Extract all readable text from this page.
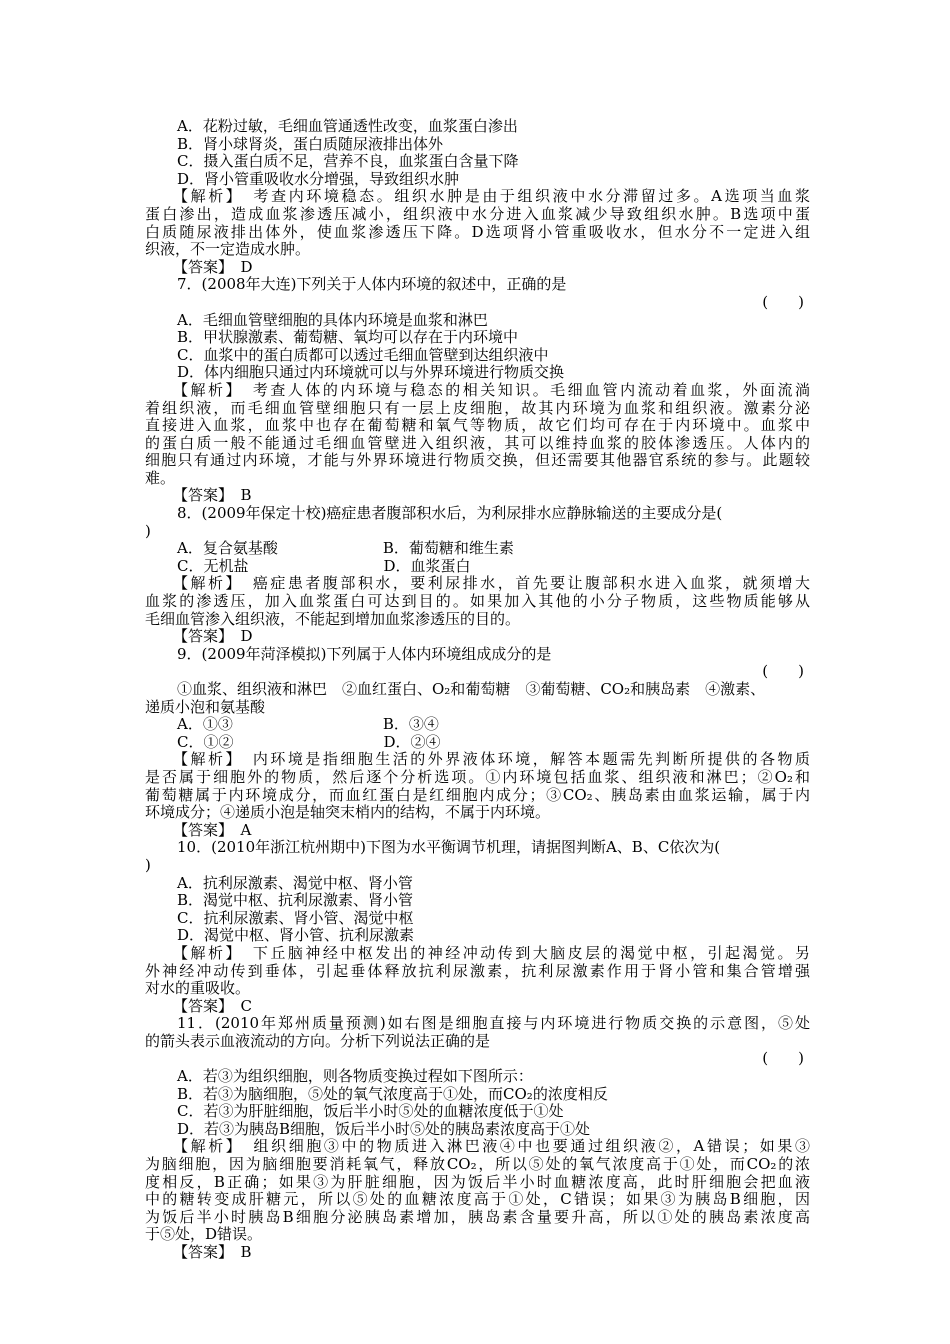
A．花粉过敏，毛细血管通透性改变，血浆蛋白渗出
B．肾小球肾炎，蛋白质随尿液排出体外
C．摄入蛋白质不足，营养不良，血浆蛋白含量下降
D．肾小管重吸收水分增强，导致组织水肿
【解析】　考查内环境稳态。组织水肿是由于组织液中水分滞留过多。A选项当血浆
蛋白渗出，造成血浆渗透压减小，组织液中水分进入血浆减少导致组织水肿。B选项中蛋
白质随尿液排出体外，使血浆渗透压下降。D选项肾小管重吸收水，但水分不一定进入组
织液，不一定造成水肿。
【答案】　D
7．(2008年大连)下列关于人体内环境的叙述中，正确的是
(　　)
A．毛细血管壁细胞的具体内环境是血浆和淋巴
B．甲状腺激素、葡萄糖、氧均可以存在于内环境中
C．血浆中的蛋白质都可以透过毛细血管壁到达组织液中
D．体内细胞只通过内环境就可以与外界环境进行物质交换
【解析】　考查人体的内环境与稳态的相关知识。毛细血管内流动着血浆，外面流淌
着组织液，而毛细血管壁细胞只有一层上皮细胞，故其内环境为血浆和组织液。激素分泌
直接进入血浆，血浆中也存在葡萄糖和氧气等物质，故它们均可存在于内环境中。血浆中
的蛋白质一般不能通过毛细血管壁进入组织液，其可以维持血浆的胶体渗透压。人体内的
细胞只有通过内环境，才能与外界环境进行物质交换，但还需要其他器官系统的参与。此题较
难。
【答案】　B
8．(2009年保定十校)癌症患者腹部积水后，为利尿排水应静脉输送的主要成分是(
)
A．复合氨基酸　　　　　　　B．葡萄糖和维生素
C．无机盐　　　　　　　　　D．血浆蛋白
【解析】　癌症患者腹部积水，要利尿排水，首先要让腹部积水进入血浆，就须增大
血浆的渗透压，加入血浆蛋白可达到目的。如果加入其他的小分子物质，这些物质能够从
毛细血管渗入组织液，不能起到增加血浆渗透压的目的。
【答案】　D
9．(2009年菏泽模拟)下列属于人体内环境组成成分的是
(　　)
①血浆、组织液和淋巴　②血红蛋白、O₂和葡萄糖　③葡萄糖、CO₂和胰岛素　④激素、
递质小泡和氨基酸
A．①③　　　　　　　　　　B．③④
C．①②　　　　　　　　　　D．②④
【解析】　内环境是指细胞生活的外界液体环境，解答本题需先判断所提供的各物质
是否属于细胞外的物质，然后逐个分析选项。①内环境包括血浆、组织液和淋巴；②O₂和
葡萄糖属于内环境成分，而血红蛋白是红细胞内成分；③CO₂、胰岛素由血浆运输，属于内
环境成分；④递质小泡是轴突末梢内的结构，不属于内环境。
【答案】　A
10．(2010年浙江杭州期中)下图为水平衡调节机理，请据图判断A、B、C依次为(
)
A．抗利尿激素、渴觉中枢、肾小管
B．渴觉中枢、抗利尿激素、肾小管
C．抗利尿激素、肾小管、渴觉中枢
D．渴觉中枢、肾小管、抗利尿激素
【解析】　下丘脑神经中枢发出的神经冲动传到大脑皮层的渴觉中枢，引起渴觉。另
外神经冲动传到垂体，引起垂体释放抗利尿激素，抗利尿激素作用于肾小管和集合管增强
对水的重吸收。
【答案】　C
11．(2010年郑州质量预测)如右图是细胞直接与内环境进行物质交换的示意图，⑤处
的箭头表示血液流动的方向。分析下列说法正确的是
(　　)
A．若③为组织细胞，则各物质变换过程如下图所示：
B．若③为脑细胞，⑤处的氧气浓度高于①处，而CO₂的浓度相反
C．若③为肝脏细胞，饭后半小时⑤处的血糖浓度低于①处
D．若③为胰岛B细胞，饭后半小时⑤处的胰岛素浓度高于①处
【解析】　组织细胞③中的物质进入淋巴液④中也要通过组织液②，A错误；如果③
为脑细胞，因为脑细胞要消耗氧气，释放CO₂，所以⑤处的氧气浓度高于①处，而CO₂的浓
度相反，B正确；如果③为肝脏细胞，因为饭后半小时血糖浓度高，此时肝细胞会把血液
中的糖转变成肝糖元，所以⑤处的血糖浓度高于①处，C错误；如果③为胰岛B细胞，因
为饭后半小时胰岛B细胞分泌胰岛素增加，胰岛素含量要升高，所以①处的胰岛素浓度高
于⑤处，D错误。
【答案】　B
